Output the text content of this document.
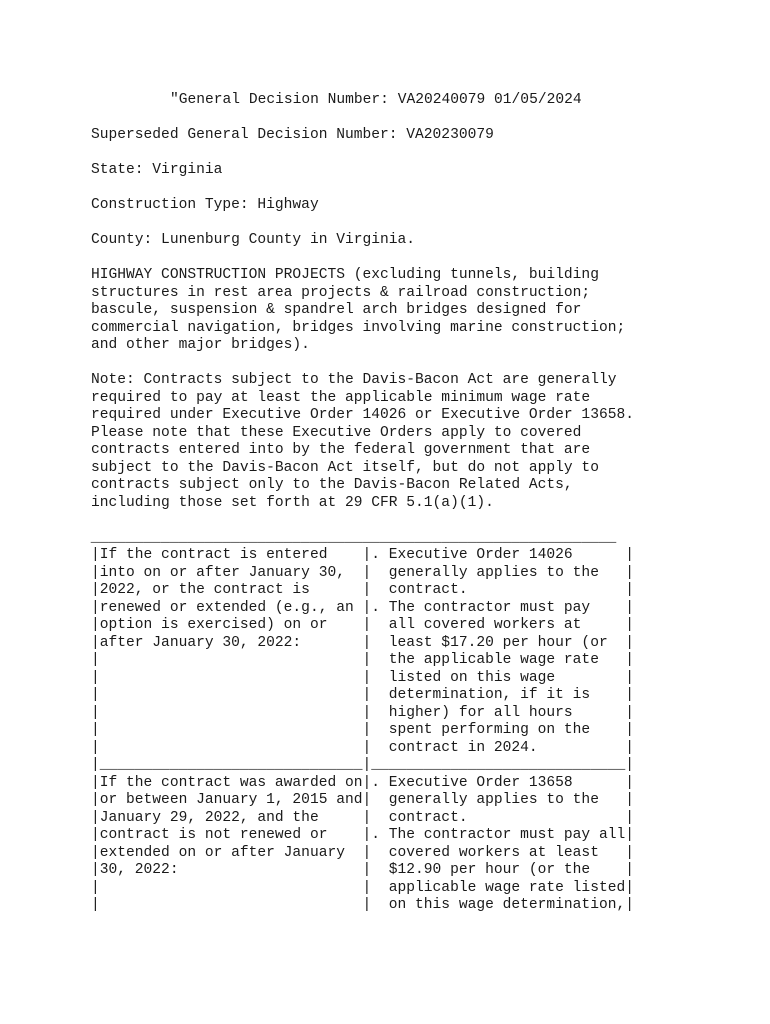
"General Decision Number: VA20240079 01/05/2024
Superseded General Decision Number: VA20230079
State: Virginia
Construction Type: Highway
County: Lunenburg County in Virginia.
HIGHWAY CONSTRUCTION PROJECTS (excluding tunnels, building
structures in rest area projects & railroad construction;
bascule, suspension & spandrel arch bridges designed for
commercial navigation, bridges involving marine construction;
and other major bridges).
Note: Contracts subject to the Davis-Bacon Act are generally
required to pay at least the applicable minimum wage rate
required under Executive Order 14026 or Executive Order 13658.
Please note that these Executive Orders apply to covered
contracts entered into by the federal government that are
subject to the Davis-Bacon Act itself, but do not apply to
contracts subject only to the Davis-Bacon Related Acts,
including those set forth at 29 CFR 5.1(a)(1).
____________________________________________________________
|If the contract is entered    |. Executive Order 14026      |
|into on or after January 30,  |  generally applies to the   |
|2022, or the contract is      |  contract.                  |
|renewed or extended (e.g., an |. The contractor must pay    |
|option is exercised) on or    |  all covered workers at     |
|after January 30, 2022:       |  least $17.20 per hour (or  |
|                              |  the applicable wage rate   |
|                              |  listed on this wage        |
|                              |  determination, if it is    |
|                              |  higher) for all hours      |
|                              |  spent performing on the    |
|                              |  contract in 2024.          |
|______________________________|_____________________________|
|If the contract was awarded on|. Executive Order 13658      |
|or between January 1, 2015 and|  generally applies to the   |
|January 29, 2022, and the     |  contract.                  |
|contract is not renewed or    |. The contractor must pay all|
|extended on or after January  |  covered workers at least   |
|30, 2022:                     |  $12.90 per hour (or the    |
|                              |  applicable wage rate listed|
|                              |  on this wage determination,|
